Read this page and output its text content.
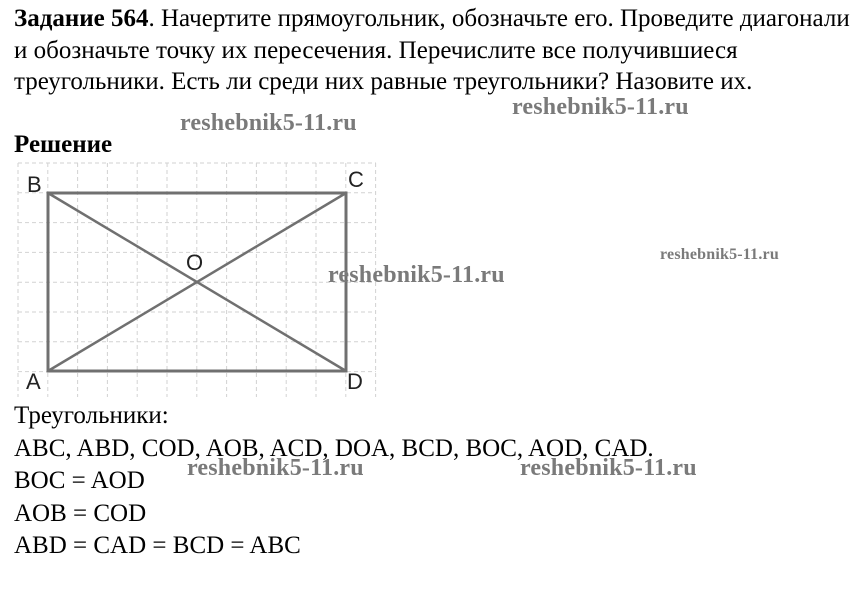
Задание 564. Начертите прямоугольник, обозначьте его. Проведите диагонали и обозначьте точку их пересечения. Перечислите все получившиеся треугольники. Есть ли среди них равные треугольники? Назовите их.

Решение
B	C
O
A	D
Треугольники:
ABC, ABD, COD, AOB, ACD, DOA, BCD, BOC, AOD, CAD.
BOC = AOD
AOB = COD
ABD = CAD = BCD = ABC
reshebnik5-11.ru
reshebnik5-11.ru
reshebnik5-11.ru
reshebnik5-11.ru
reshebnik5-11.ru	reshebnik5-11.ru
